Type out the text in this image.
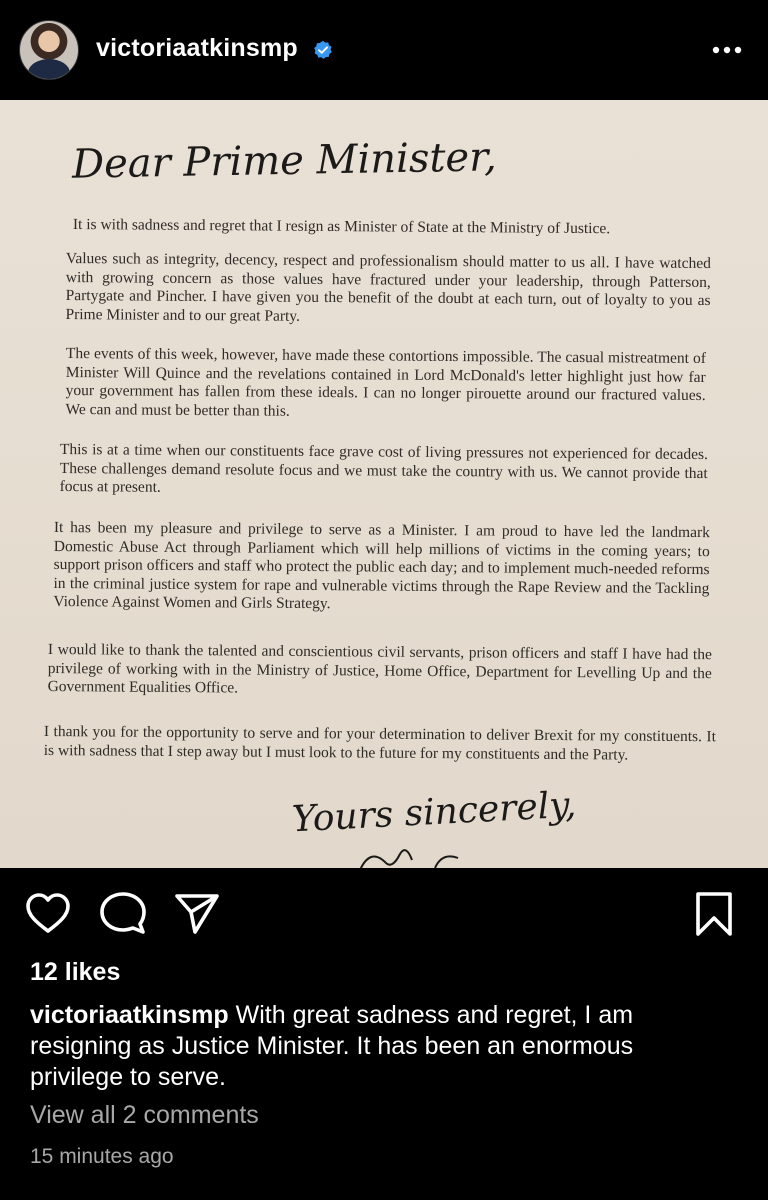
victoriaatkinsmp
Dear Prime Minister,
It is with sadness and regret that I resign as Minister of State at the Ministry of Justice.
Values such as integrity, decency, respect and professionalism should matter to us all. I have watched with growing concern as those values have fractured under your leadership, through Patterson, Partygate and Pincher. I have given you the benefit of the doubt at each turn, out of loyalty to you as Prime Minister and to our great Party.
The events of this week, however, have made these contortions impossible. The casual mistreatment of Minister Will Quince and the revelations contained in Lord McDonald's letter highlight just how far your government has fallen from these ideals. I can no longer pirouette around our fractured values. We can and must be better than this.
This is at a time when our constituents face grave cost of living pressures not experienced for decades. These challenges demand resolute focus and we must take the country with us. We cannot provide that focus at present.
It has been my pleasure and privilege to serve as a Minister. I am proud to have led the landmark Domestic Abuse Act through Parliament which will help millions of victims in the coming years; to support prison officers and staff who protect the public each day; and to implement much-needed reforms in the criminal justice system for rape and vulnerable victims through the Rape Review and the Tackling Violence Against Women and Girls Strategy.
I would like to thank the talented and conscientious civil servants, prison officers and staff I have had the privilege of working with in the Ministry of Justice, Home Office, Department for Levelling Up and the Government Equalities Office.
I thank you for the opportunity to serve and for your determination to deliver Brexit for my constituents. It is with sadness that I step away but I must look to the future for my constituents and the Party.
Yours sincerely,
12 likes
victoriaatkinsmp With great sadness and regret, I am resigning as Justice Minister. It has been an enormous privilege to serve.
View all 2 comments
15 minutes ago
